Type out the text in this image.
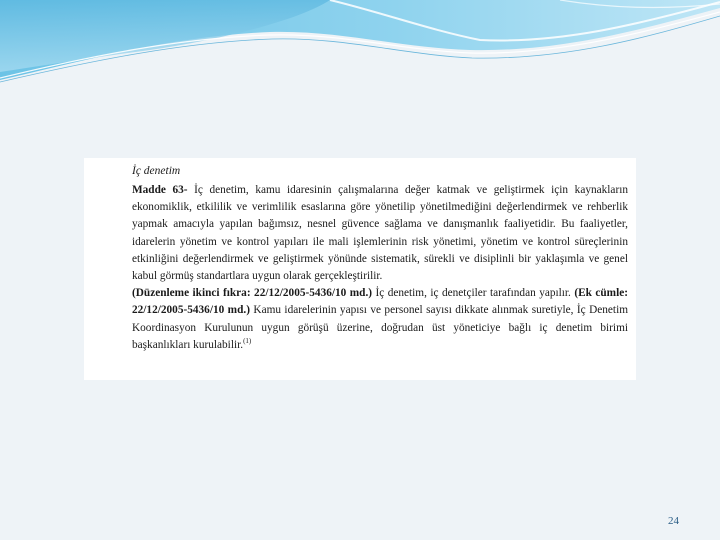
İç denetim

Madde 63- İç denetim, kamu idaresinin çalışmalarına değer katmak ve geliştirmek için kaynakların ekonomiklik, etkililik ve verimlilik esaslarına göre yönetilip yönetilmediğini değerlendirmek ve rehberlik yapmak amacıyla yapılan bağımsız, nesnel güvence sağlama ve danışmanlık faaliyetidir. Bu faaliyetler, idarelerin yönetim ve kontrol yapıları ile mali işlemlerinin risk yönetimi, yönetim ve kontrol süreçlerinin etkinliğini değerlendirmek ve geliştirmek yönünde sistematik, sürekli ve disiplinli bir yaklaşımla ve genel kabul görmüş standartlara uygun olarak gerçekleştirilir.

(Düzenleme ikinci fıkra: 22/12/2005-5436/10 md.) İç denetim, iç denetçiler tarafından yapılır. (Ek cümle: 22/12/2005-5436/10 md.) Kamu idarelerinin yapısı ve personel sayısı dikkate alınmak suretiyle, İç Denetim Koordinasyon Kurulunun uygun görüşü üzerine, doğrudan üst yöneticiye bağlı iç denetim birimi başkanlıkları kurulabilir.$^{(1)}$

24
